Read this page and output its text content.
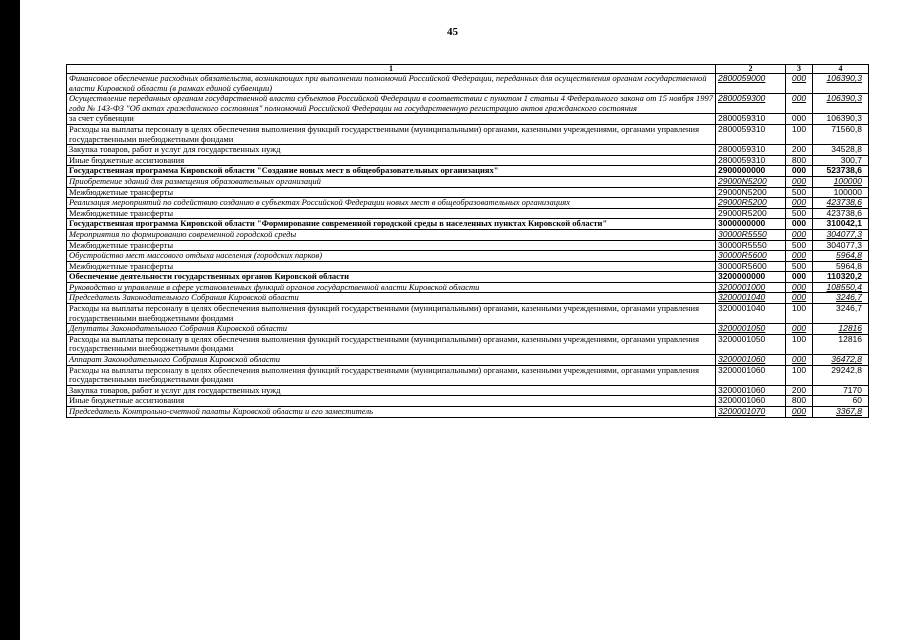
45
1	2	3	4
Финансовое обеспечение расходных обязательств, возникающих при выполнении полномочий Российской Федерации, переданных для осуществления органам государственной власти Кировской области (в рамках единой субвенции)	2800059000	000	106390,3
Осуществление переданных органам государственной власти субъектов Российской Федерации в соответствии с пунктом 1 статьи 4 Федерального закона от 15 ноября 1997 года № 143-ФЗ "Об актах гражданского состояния" полномочий Российской Федерации на государственную регистрацию актов гражданского состояния	2800059300	000	106390,3
за счет субвенции	2800059310	000	106390,3
Расходы на выплаты персоналу в целях обеспечения выполнения функций государственными (муниципальными) органами, казенными учреждениями, органами управления государственными внебюджетными фондами	2800059310	100	71560,8
Закупка товаров, работ и услуг для государственных нужд	2800059310	200	34528,8
Иные бюджетные ассигнования	2800059310	800	300,7
Государственная программа Кировской области "Создание новых мест в общеобразовательных организациях"	2900000000	000	523738,6
Приобретение зданий для размещения образовательных организаций	29000N5200	000	100000
Межбюджетные трансферты	29000N5200	500	100000
Реализация мероприятий по содействию созданию в субъектах Российской Федерации новых мест в общеобразовательных организациях	29000R5200	000	423738,6
Межбюджетные трансферты	29000R5200	500	423738,6
Государственная программа Кировской области "Формирование современной городской среды в населенных пунктах Кировской области"	3000000000	000	310042,1
Мероприятия по формированию современной городской среды	30000R5550	000	304077,3
Межбюджетные трансферты	30000R5550	500	304077,3
Обустройство мест массового отдыха населения (городских парков)	30000R5600	000	5964,8
Межбюджетные трансферты	30000R5600	500	5964,8
Обеспечение деятельности государственных органов Кировской области	3200000000	000	110320,2
Руководство и управление в сфере установленных функций органов государственной власти Кировской области	3200001000	000	108550,4
Председатель Законодательного Собрания Кировской области	3200001040	000	3246,7
Расходы на выплаты персоналу в целях обеспечения выполнения функций государственными (муниципальными) органами, казенными учреждениями, органами управления государственными внебюджетными фондами	3200001040	100	3246,7
Депутаты Законодательного Собрания Кировской области	3200001050	000	12816
Расходы на выплаты персоналу в целях обеспечения выполнения функций государственными (муниципальными) органами, казенными учреждениями, органами управления государственными внебюджетными фондами	3200001050	100	12816
Аппарат Законодательного Собрания Кировской области	3200001060	000	36472,8
Расходы на выплаты персоналу в целях обеспечения выполнения функций государственными (муниципальными) органами, казенными учреждениями, органами управления государственными внебюджетными фондами	3200001060	100	29242,8
Закупка товаров, работ и услуг для государственных нужд	3200001060	200	7170
Иные бюджетные ассигнования	3200001060	800	60
Председатель Контрольно-счетной палаты Кировской области и его заместитель	3200001070	000	3367,8
